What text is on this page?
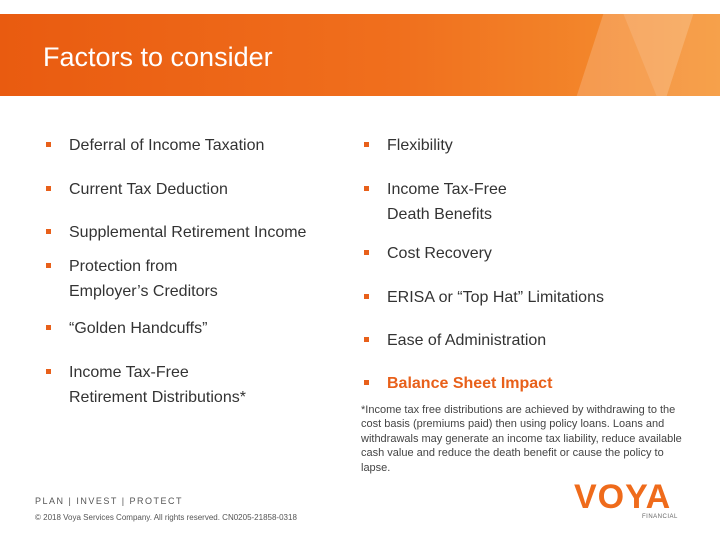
Factors to consider
Deferral of Income Taxation
Current Tax Deduction
Supplemental Retirement Income
Protection from
Employer’s Creditors
“Golden Handcuffs”
Income Tax-Free
Retirement Distributions*
Flexibility
Income Tax-Free
Death Benefits
Cost Recovery
ERISA or “Top Hat” Limitations
Ease of Administration
Balance Sheet Impact
*Income tax free distributions are achieved by withdrawing to the cost basis (premiums paid) then using policy loans. Loans and withdrawals may generate an income tax liability, reduce available cash value and reduce the death benefit or cause the policy to lapse.
PLAN | INVEST | PROTECT
© 2018 Voya Services Company. All rights reserved. CN0205-21858-0318
VOYA
FINANCIAL
